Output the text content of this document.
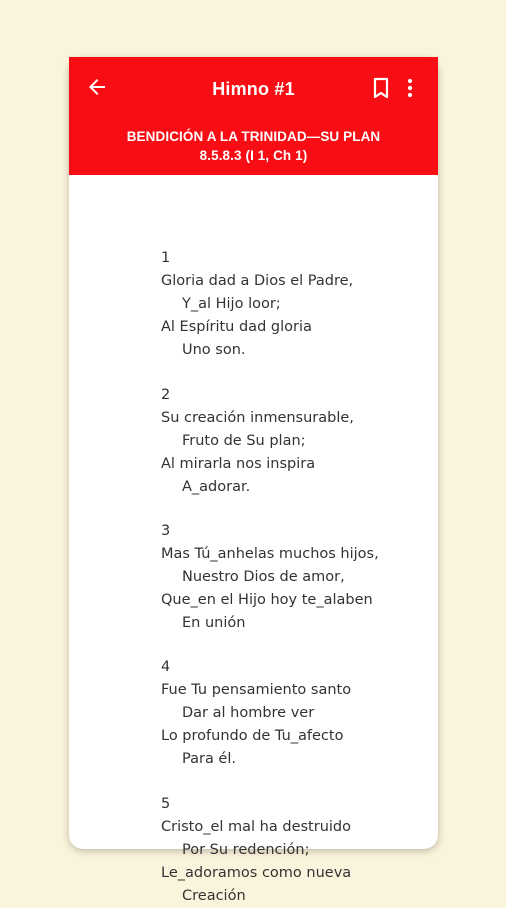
Himno #1
BENDICIÓN A LA TRINIDAD—SU PLAN
8.5.8.3 (I 1, Ch 1)
1
Gloria dad a Dios el Padre,
Y_al Hijo loor;
Al Espíritu dad gloria
Uno son.
2
Su creación inmensurable,
Fruto de Su plan;
Al mirarla nos inspira
A_adorar.
3
Mas Tú_anhelas muchos hijos,
Nuestro Dios de amor,
Que_en el Hijo hoy te_alaben
En unión
4
Fue Tu pensamiento santo
Dar al hombre ver
Lo profundo de Tu_afecto
Para él.
5
Cristo_el mal ha destruido
Por Su redención;
Le_adoramos como nueva
Creación
